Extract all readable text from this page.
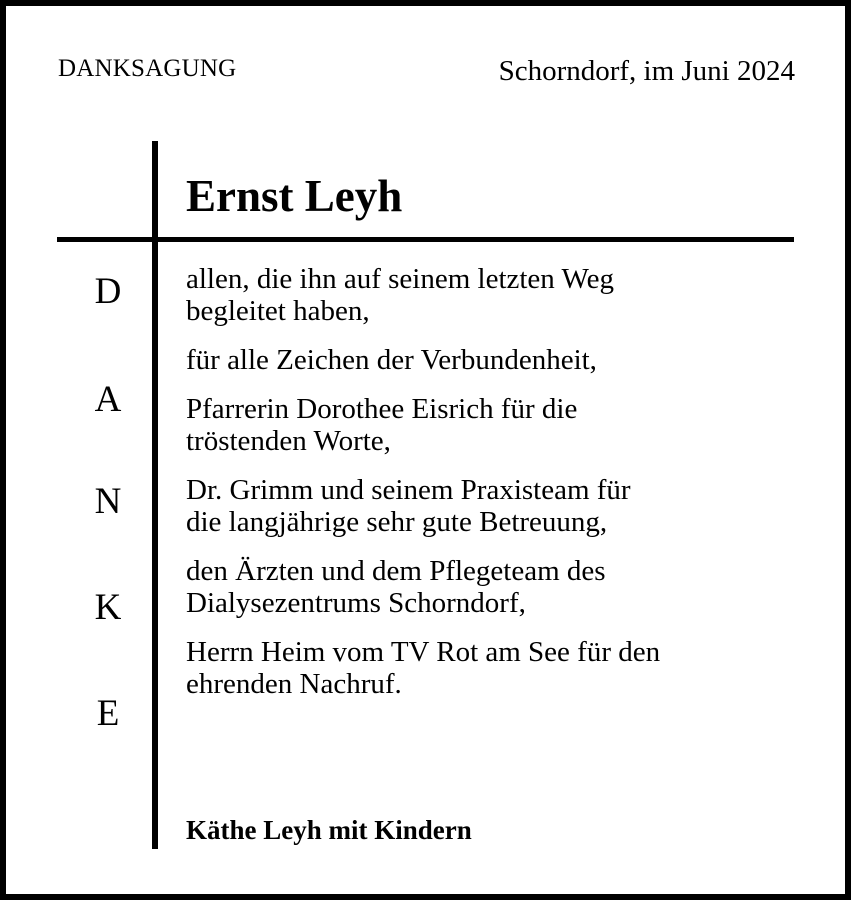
DANKSAGUNG	Schorndorf, im Juni 2024
Ernst Leyh
D
A
N
K
E
allen, die ihn auf seinem letzten Weg
begleitet haben,
für alle Zeichen der Verbundenheit,
Pfarrerin Dorothee Eisrich für die
tröstenden Worte,
Dr. Grimm und seinem Praxisteam für
die langjährige sehr gute Betreuung,
den Ärzten und dem Pflegeteam des
Dialysezentrums Schorndorf,
Herrn Heim vom TV Rot am See für den
ehrenden Nachruf.
Käthe Leyh mit Kindern
